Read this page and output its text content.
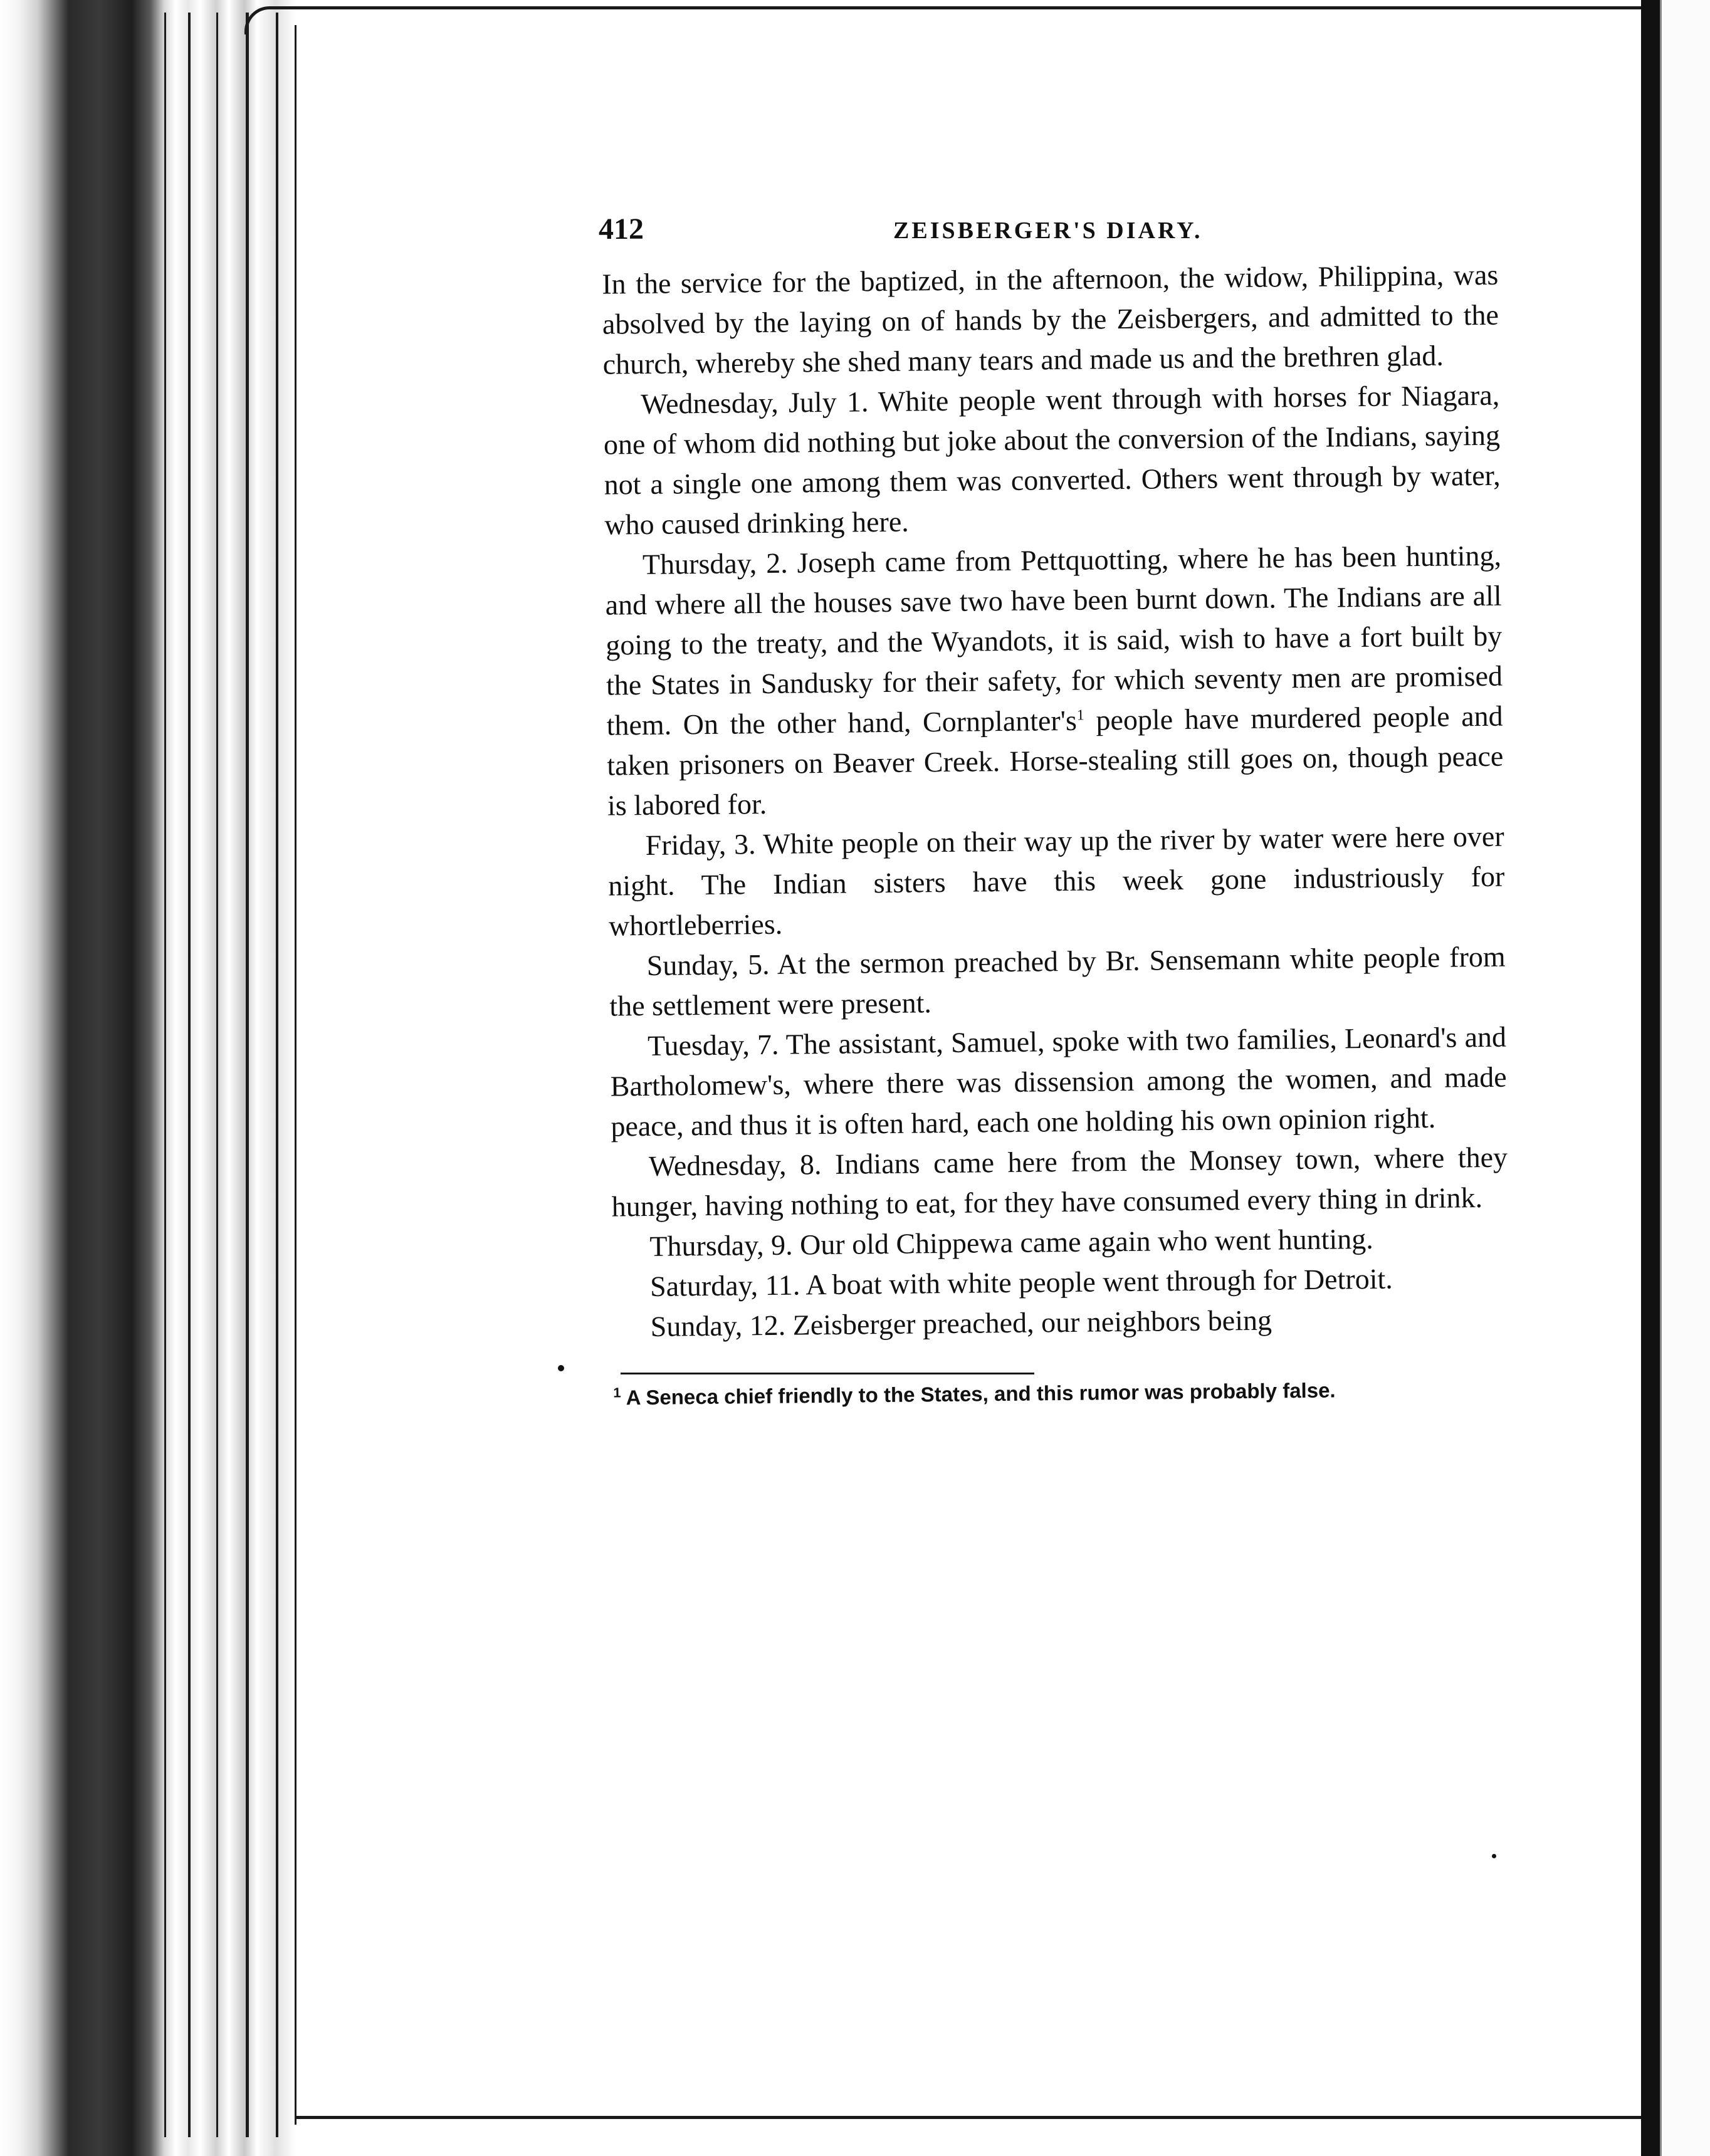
412	ZEISBERGER'S DIARY.

In the service for the baptized, in the afternoon, the widow, Philippina, was absolved by the laying on of hands by the Zeisbergers, and admitted to the church, whereby she shed many tears and made us and the brethren glad.

Wednesday, July 1. White people went through with horses for Niagara, one of whom did nothing but joke about the conversion of the Indians, saying not a single one among them was converted. Others went through by water, who caused drinking here.

Thursday, 2. Joseph came from Pettquotting, where he has been hunting, and where all the houses save two have been burnt down. The Indians are all going to the treaty, and the Wyandots, it is said, wish to have a fort built by the States in Sandusky for their safety, for which seventy men are promised them. On the other hand, Cornplanter's$^1$ people have murdered people and taken prisoners on Beaver Creek. Horse-stealing still goes on, though peace is labored for.

Friday, 3. White people on their way up the river by water were here over night. The Indian sisters have this week gone industriously for whortleberries.

Sunday, 5. At the sermon preached by Br. Sensemann white people from the settlement were present.

Tuesday, 7. The assistant, Samuel, spoke with two families, Leonard's and Bartholomew's, where there was dissension among the women, and made peace, and thus it is often hard, each one holding his own opinion right.

Wednesday, 8. Indians came here from the Monsey town, where they hunger, having nothing to eat, for they have consumed every thing in drink.

Thursday, 9. Our old Chippewa came again who went hunting.

Saturday, 11. A boat with white people went through for Detroit.

Sunday, 12. Zeisberger preached, our neighbors being

$^1$ A Seneca chief friendly to the States, and this rumor was probably false.
